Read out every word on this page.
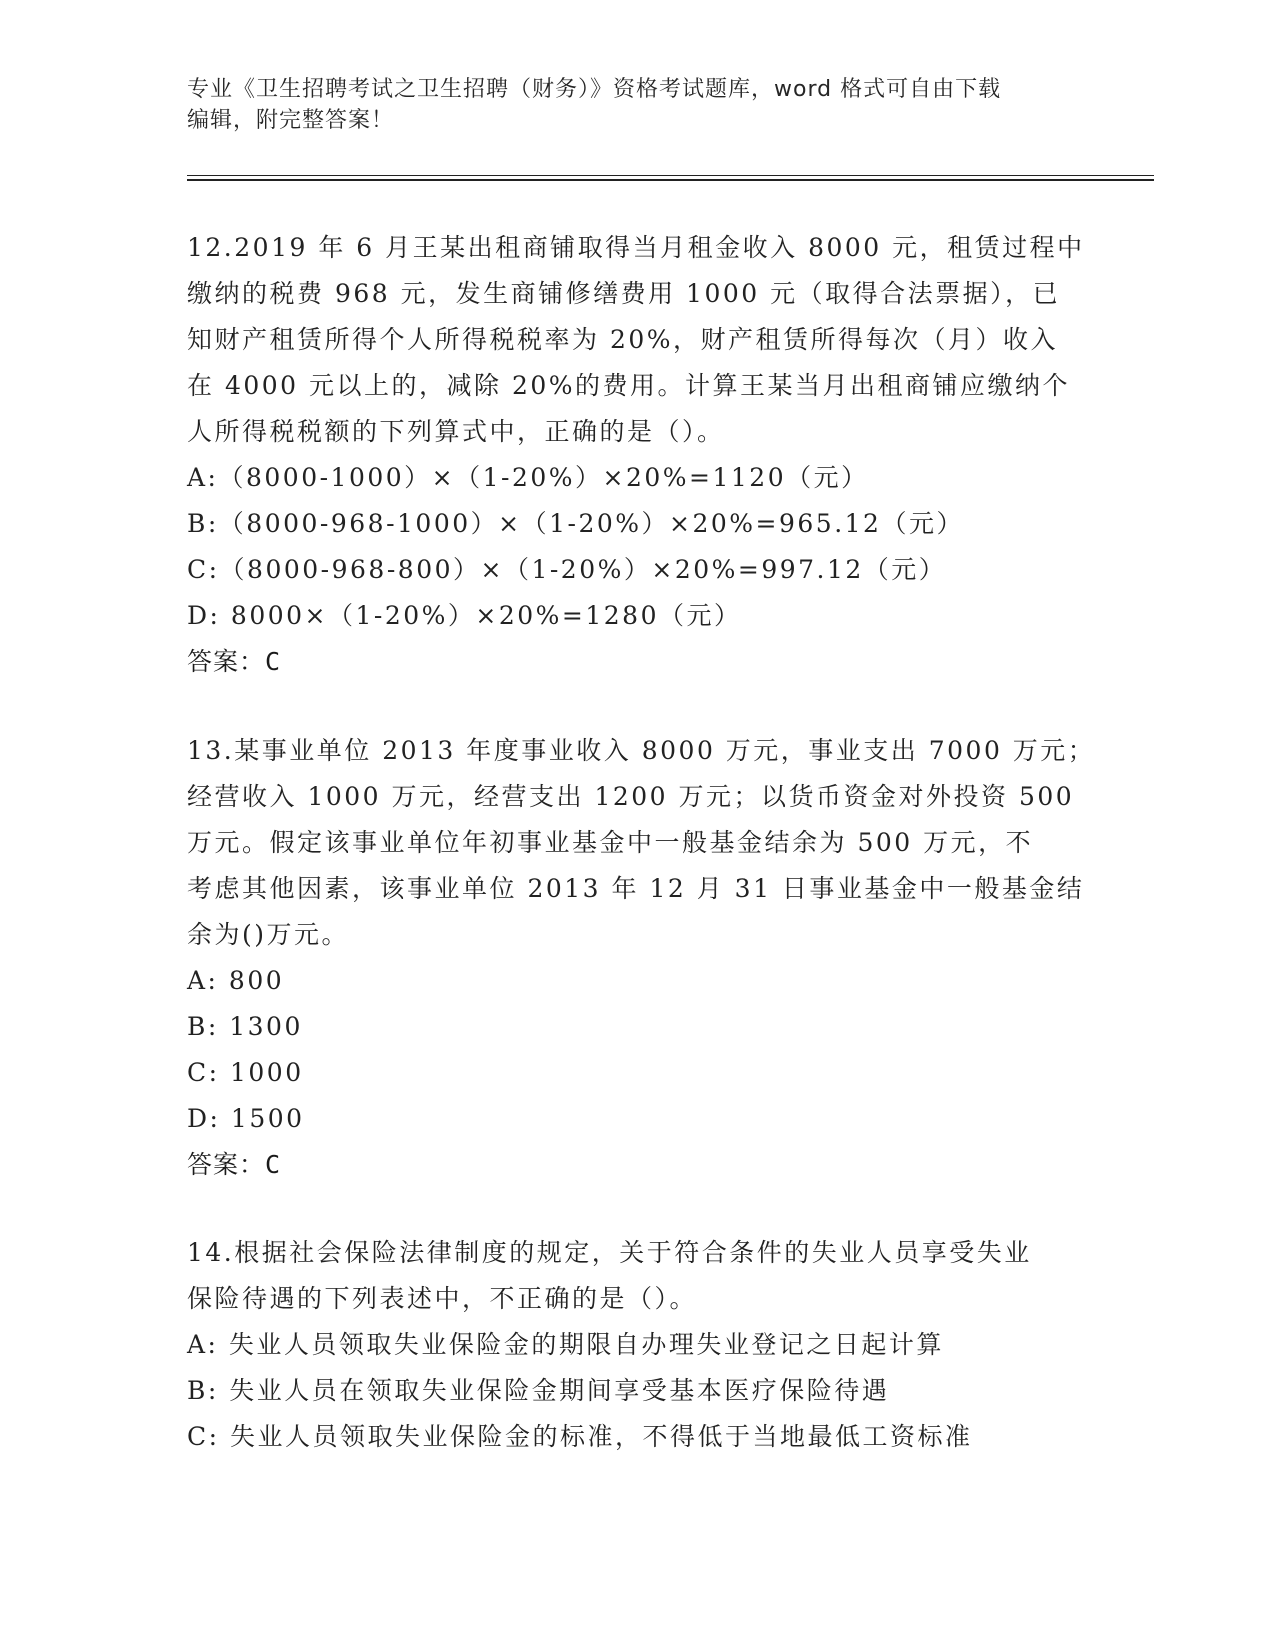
专业《卫生招聘考试之卫生招聘（财务）》资格考试题库，word 格式可自由下载
编辑，附完整答案！
12.2019 年 6 月王某出租商铺取得当月租金收入 8000 元，租赁过程中
缴纳的税费 968 元，发生商铺修缮费用 1000 元（取得合法票据），已
知财产租赁所得个人所得税税率为 20%，财产租赁所得每次（月）收入
在 4000 元以上的，减除 20%的费用。计算王某当月出租商铺应缴纳个
人所得税税额的下列算式中，正确的是（）。
A:（8000-1000）×（1-20%）×20%=1120（元）
B:（8000-968-1000）×（1-20%）×20%=965.12（元）
C:（8000-968-800）×（1-20%）×20%=997.12（元）
D: 8000×（1-20%）×20%=1280（元）
答案：C
13.某事业单位 2013 年度事业收入 8000 万元，事业支出 7000 万元；
经营收入 1000 万元，经营支出 1200 万元；以货币资金对外投资 500
万元。假定该事业单位年初事业基金中一般基金结余为 500 万元，不
考虑其他因素，该事业单位 2013 年 12 月 31 日事业基金中一般基金结
余为()万元。
A: 800
B: 1300
C: 1000
D: 1500
答案：C
14.根据社会保险法律制度的规定，关于符合条件的失业人员享受失业
保险待遇的下列表述中，不正确的是（）。
A: 失业人员领取失业保险金的期限自办理失业登记之日起计算
B: 失业人员在领取失业保险金期间享受基本医疗保险待遇
C: 失业人员领取失业保险金的标准，不得低于当地最低工资标准
